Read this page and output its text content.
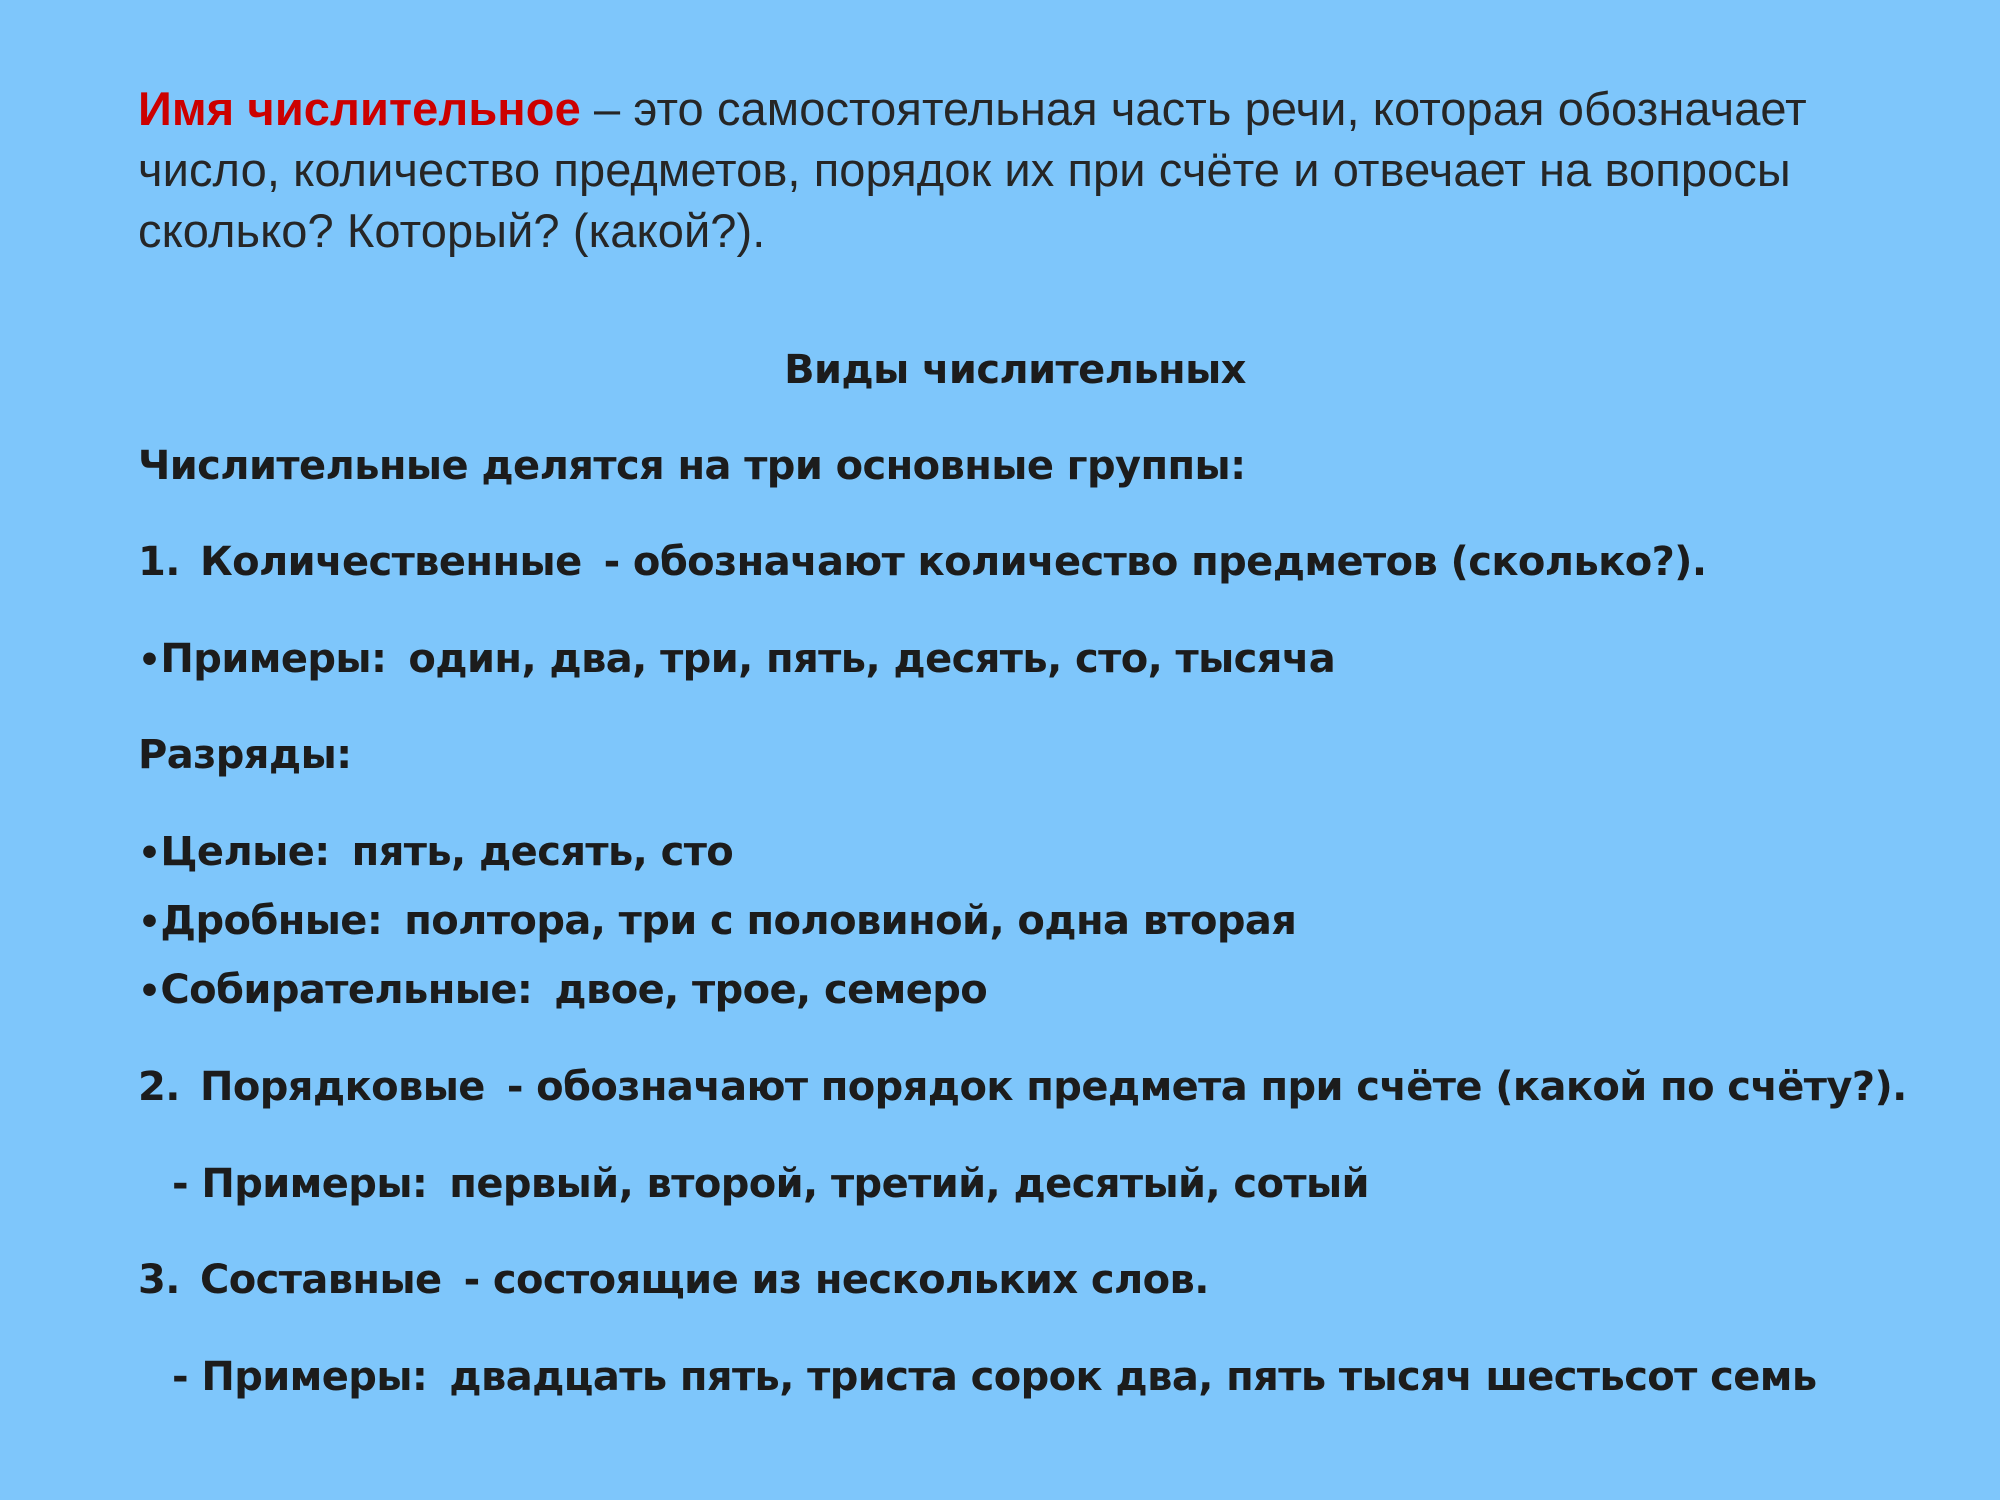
Имя числительное – это самостоятельная часть речи, которая обозначает число, количество предметов, порядок их при счёте и отвечает на вопросы сколько? Который? (какой?).
Виды числительных
Числительные делятся на три основные группы:
1. Количественные - обозначают количество предметов (сколько?).
•Примеры: один, два, три, пять, десять, сто, тысяча
Разряды:
•Целые: пять, десять, сто
•Дробные: полтора, три с половиной, одна вторая
•Собирательные: двое, трое, семеро
2. Порядковые - обозначают порядок предмета при счёте (какой по счёту?).
- Примеры: первый, второй, третий, десятый, сотый
3. Составные - состоящие из нескольких слов.
- Примеры: двадцать пять, триста сорок два, пять тысяч шестьсот семь
